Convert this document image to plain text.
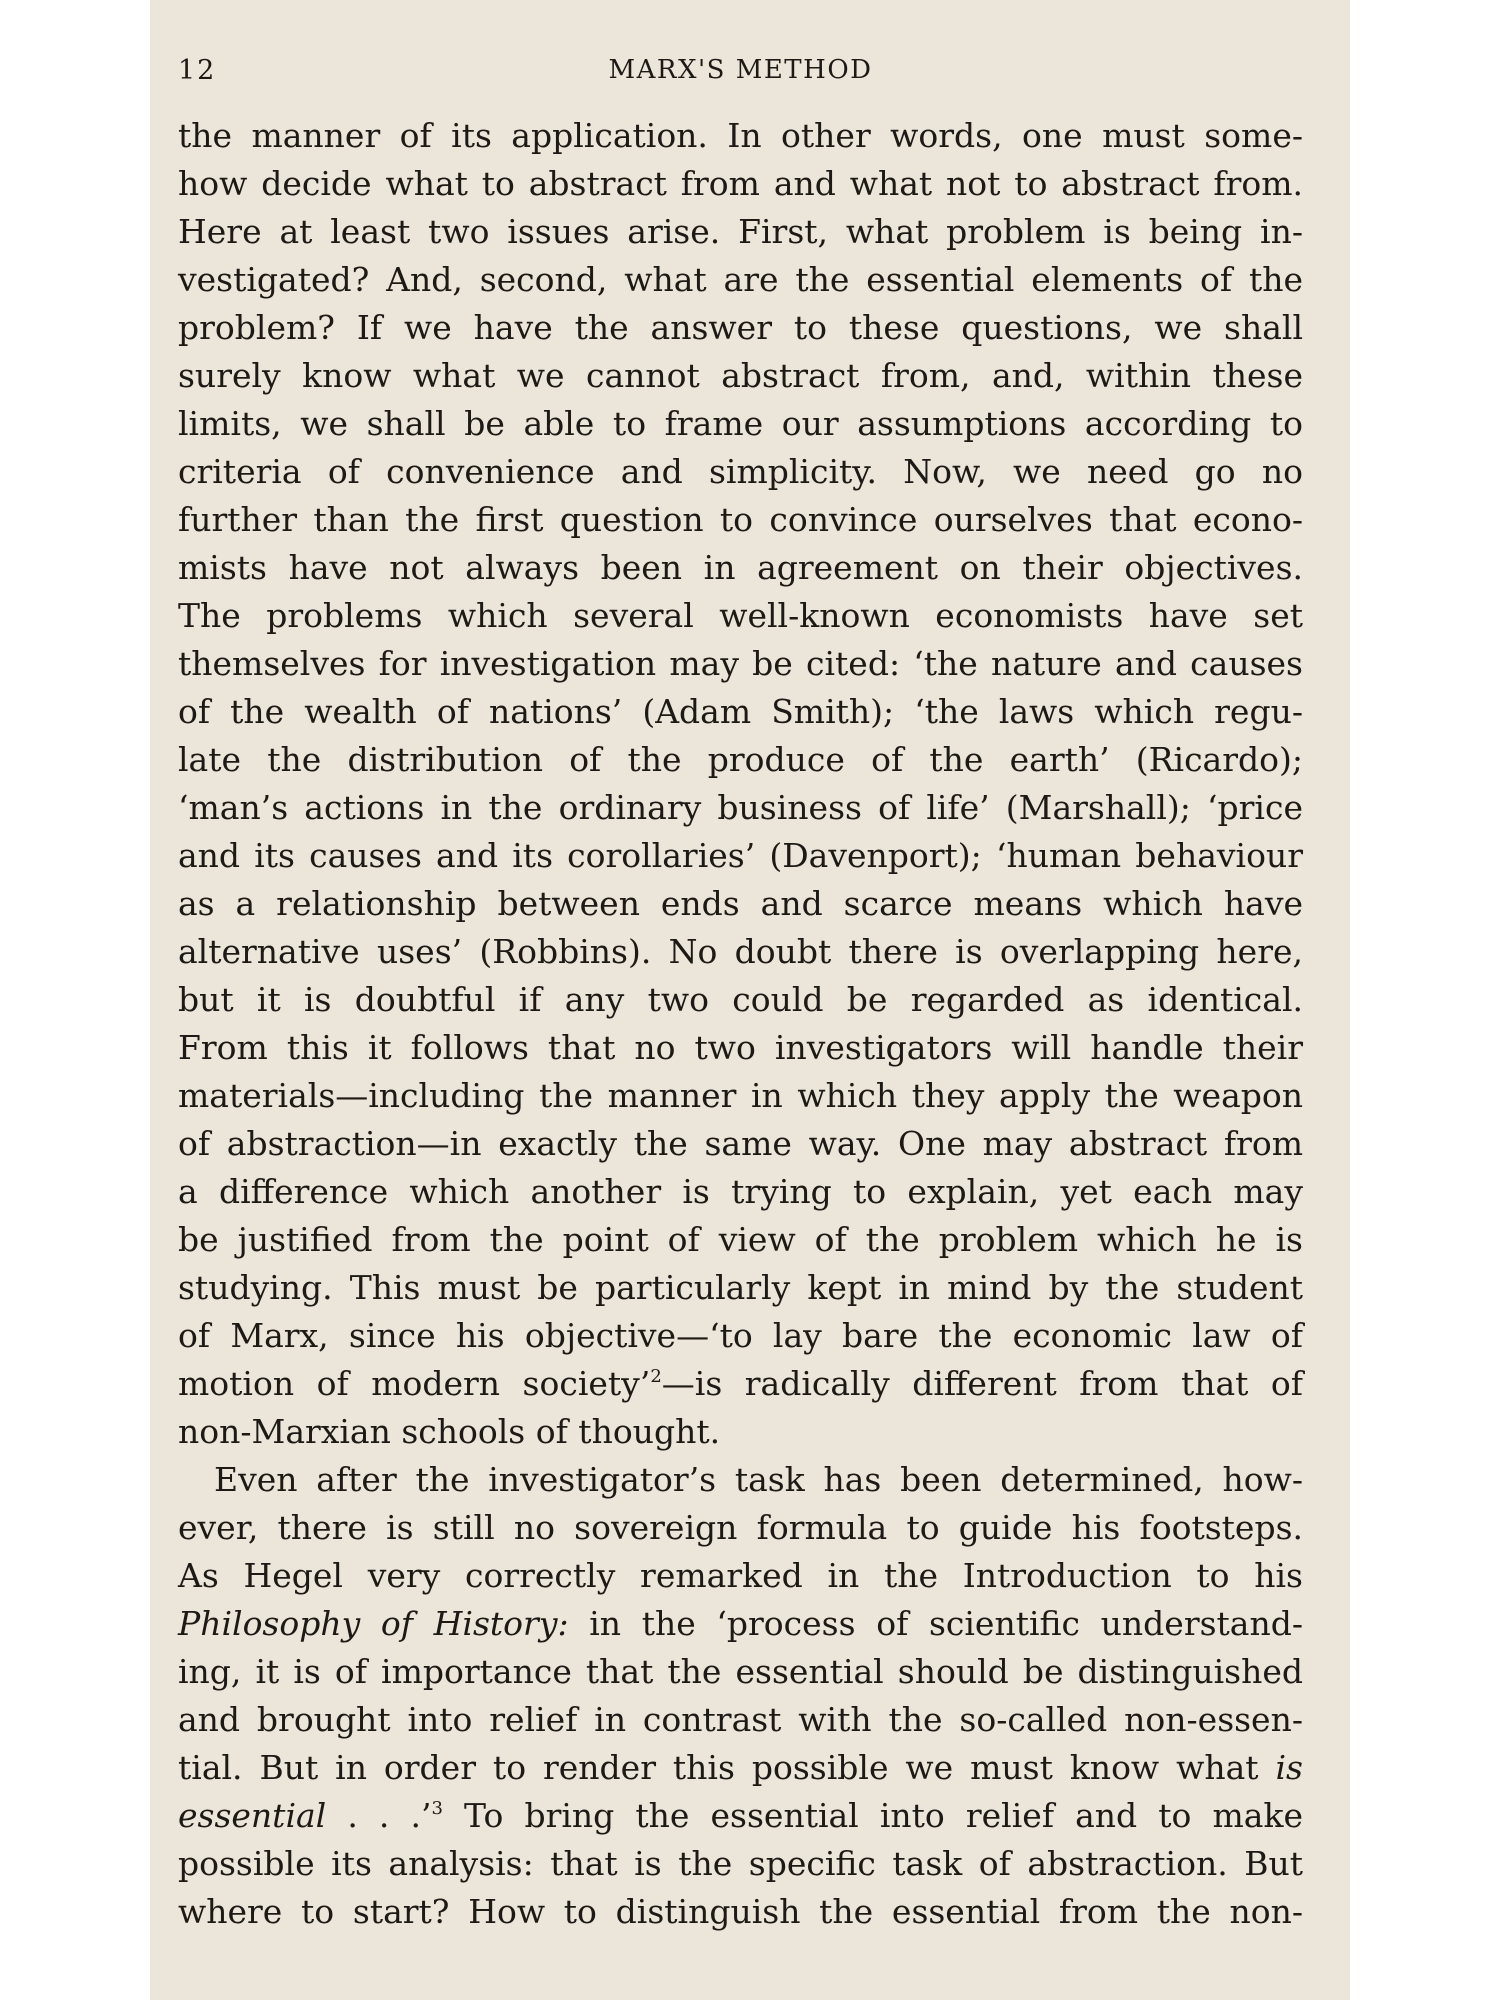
12	MARX'S METHOD
the manner of its application. In other words, one must some-
how decide what to abstract from and what not to abstract from.
Here at least two issues arise. First, what problem is being in-
vestigated? And, second, what are the essential elements of the
problem? If we have the answer to these questions, we shall
surely know what we cannot abstract from, and, within these
limits, we shall be able to frame our assumptions according to
criteria of convenience and simplicity. Now, we need go no
further than the first question to convince ourselves that econo-
mists have not always been in agreement on their objectives.
The problems which several well-known economists have set
themselves for investigation may be cited: ‘the nature and causes
of the wealth of nations’ (Adam Smith); ‘the laws which regu-
late the distribution of the produce of the earth’ (Ricardo);
‘man’s actions in the ordinary business of life’ (Marshall); ‘price
and its causes and its corollaries’ (Davenport); ‘human behaviour
as a relationship between ends and scarce means which have
alternative uses’ (Robbins). No doubt there is overlapping here,
but it is doubtful if any two could be regarded as identical.
From this it follows that no two investigators will handle their
materials—including the manner in which they apply the weapon
of abstraction—in exactly the same way. One may abstract from
a difference which another is trying to explain, yet each may
be justified from the point of view of the problem which he is
studying. This must be particularly kept in mind by the student
of Marx, since his objective—‘to lay bare the economic law of
motion of modern society’$^2$—is radically different from that of
non-Marxian schools of thought.
Even after the investigator’s task has been determined, how-
ever, there is still no sovereign formula to guide his footsteps.
As Hegel very correctly remarked in the Introduction to his
Philosophy of History: in the ‘process of scientific understand-
ing, it is of importance that the essential should be distinguished
and brought into relief in contrast with the so-called non-essen-
tial. But in order to render this possible we must know what is
essential . . .’$^3$ To bring the essential into relief and to make
possible its analysis: that is the specific task of abstraction. But
where to start? How to distinguish the essential from the non-
